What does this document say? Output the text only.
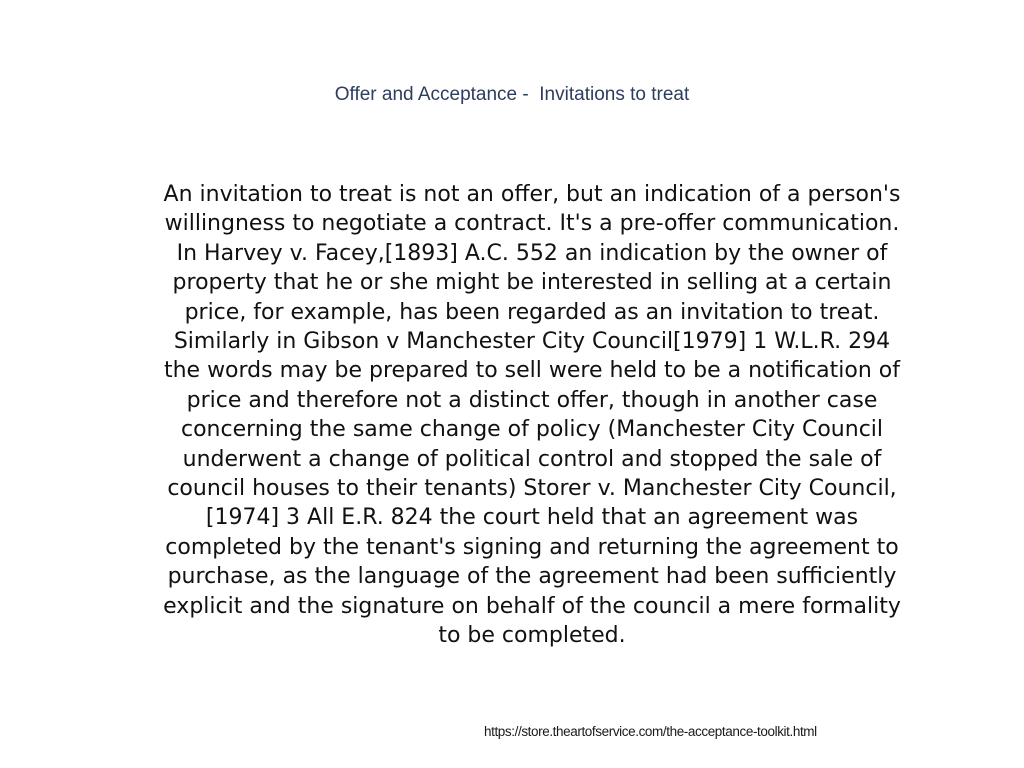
Offer and Acceptance -  Invitations to treat
An invitation to treat is not an offer, but an indication of a person's
willingness to negotiate a contract. It's a pre-offer communication.
In Harvey v. Facey,[1893] A.C. 552 an indication by the owner of
property that he or she might be interested in selling at a certain
price, for example, has been regarded as an invitation to treat.
Similarly in Gibson v Manchester City Council[1979] 1 W.L.R. 294
the words may be prepared to sell were held to be a notification of
price and therefore not a distinct offer, though in another case
concerning the same change of policy (Manchester City Council
underwent a change of political control and stopped the sale of
council houses to their tenants) Storer v. Manchester City Council,
[1974] 3 All E.R. 824 the court held that an agreement was
completed by the tenant's signing and returning the agreement to
purchase, as the language of the agreement had been sufficiently
explicit and the signature on behalf of the council a mere formality
to be completed.
https://store.theartofservice.com/the-acceptance-toolkit.html
